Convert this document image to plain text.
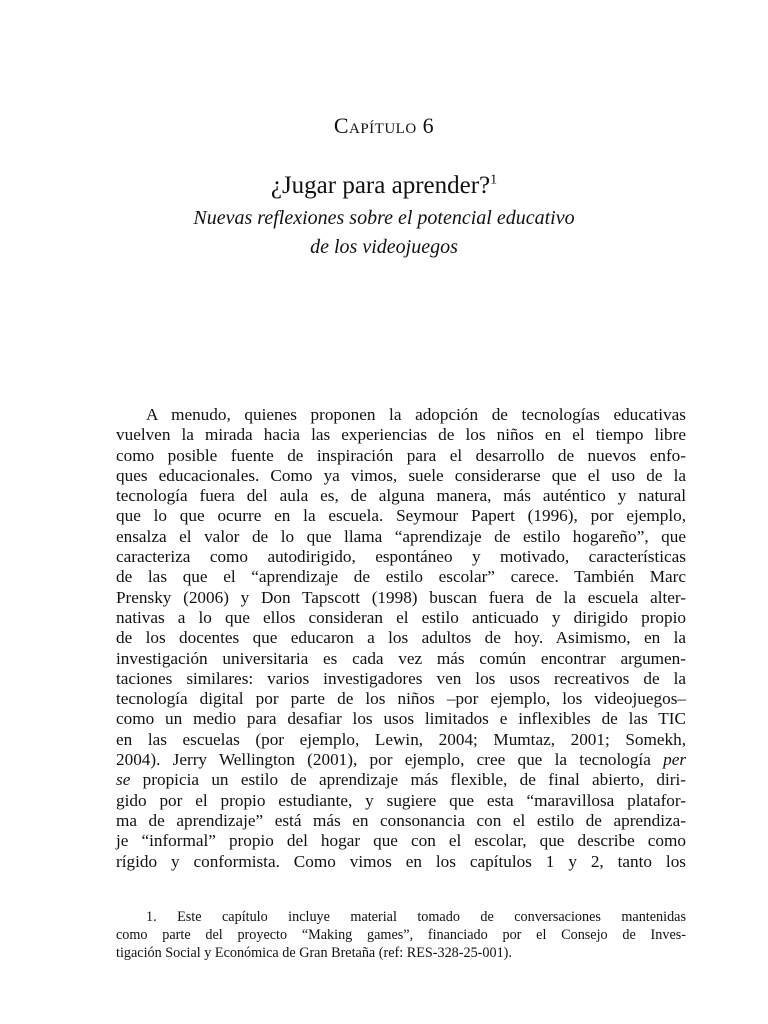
Capítulo 6
¿Jugar para aprender?$^1$
Nuevas reflexiones sobre el potencial educativo
de los videojuegos
A menudo, quienes proponen la adopción de tecnologías educativas
vuelven la mirada hacia las experiencias de los niños en el tiempo libre
como posible fuente de inspiración para el desarrollo de nuevos enfo-
ques educacionales. Como ya vimos, suele considerarse que el uso de la
tecnología fuera del aula es, de alguna manera, más auténtico y natural
que lo que ocurre en la escuela. Seymour Papert (1996), por ejemplo,
ensalza el valor de lo que llama “aprendizaje de estilo hogareño”, que
caracteriza como autodirigido, espontáneo y motivado, características
de las que el “aprendizaje de estilo escolar” carece. También Marc
Prensky (2006) y Don Tapscott (1998) buscan fuera de la escuela alter-
nativas a lo que ellos consideran el estilo anticuado y dirigido propio
de los docentes que educaron a los adultos de hoy. Asimismo, en la
investigación universitaria es cada vez más común encontrar argumen-
taciones similares: varios investigadores ven los usos recreativos de la
tecnología digital por parte de los niños –por ejemplo, los videojuegos–
como un medio para desafiar los usos limitados e inflexibles de las TIC
en las escuelas (por ejemplo, Lewin, 2004; Mumtaz, 2001; Somekh,
2004). Jerry Wellington (2001), por ejemplo, cree que la tecnología per
se propicia un estilo de aprendizaje más flexible, de final abierto, diri-
gido por el propio estudiante, y sugiere que esta “maravillosa platafor-
ma de aprendizaje” está más en consonancia con el estilo de aprendiza-
je “informal” propio del hogar que con el escolar, que describe como
rígido y conformista. Como vimos en los capítulos 1 y 2, tanto los
1. Este capítulo incluye material tomado de conversaciones mantenidas
como parte del proyecto “Making games”, financiado por el Consejo de Inves-
tigación Social y Económica de Gran Bretaña (ref: RES-328-25-001).
